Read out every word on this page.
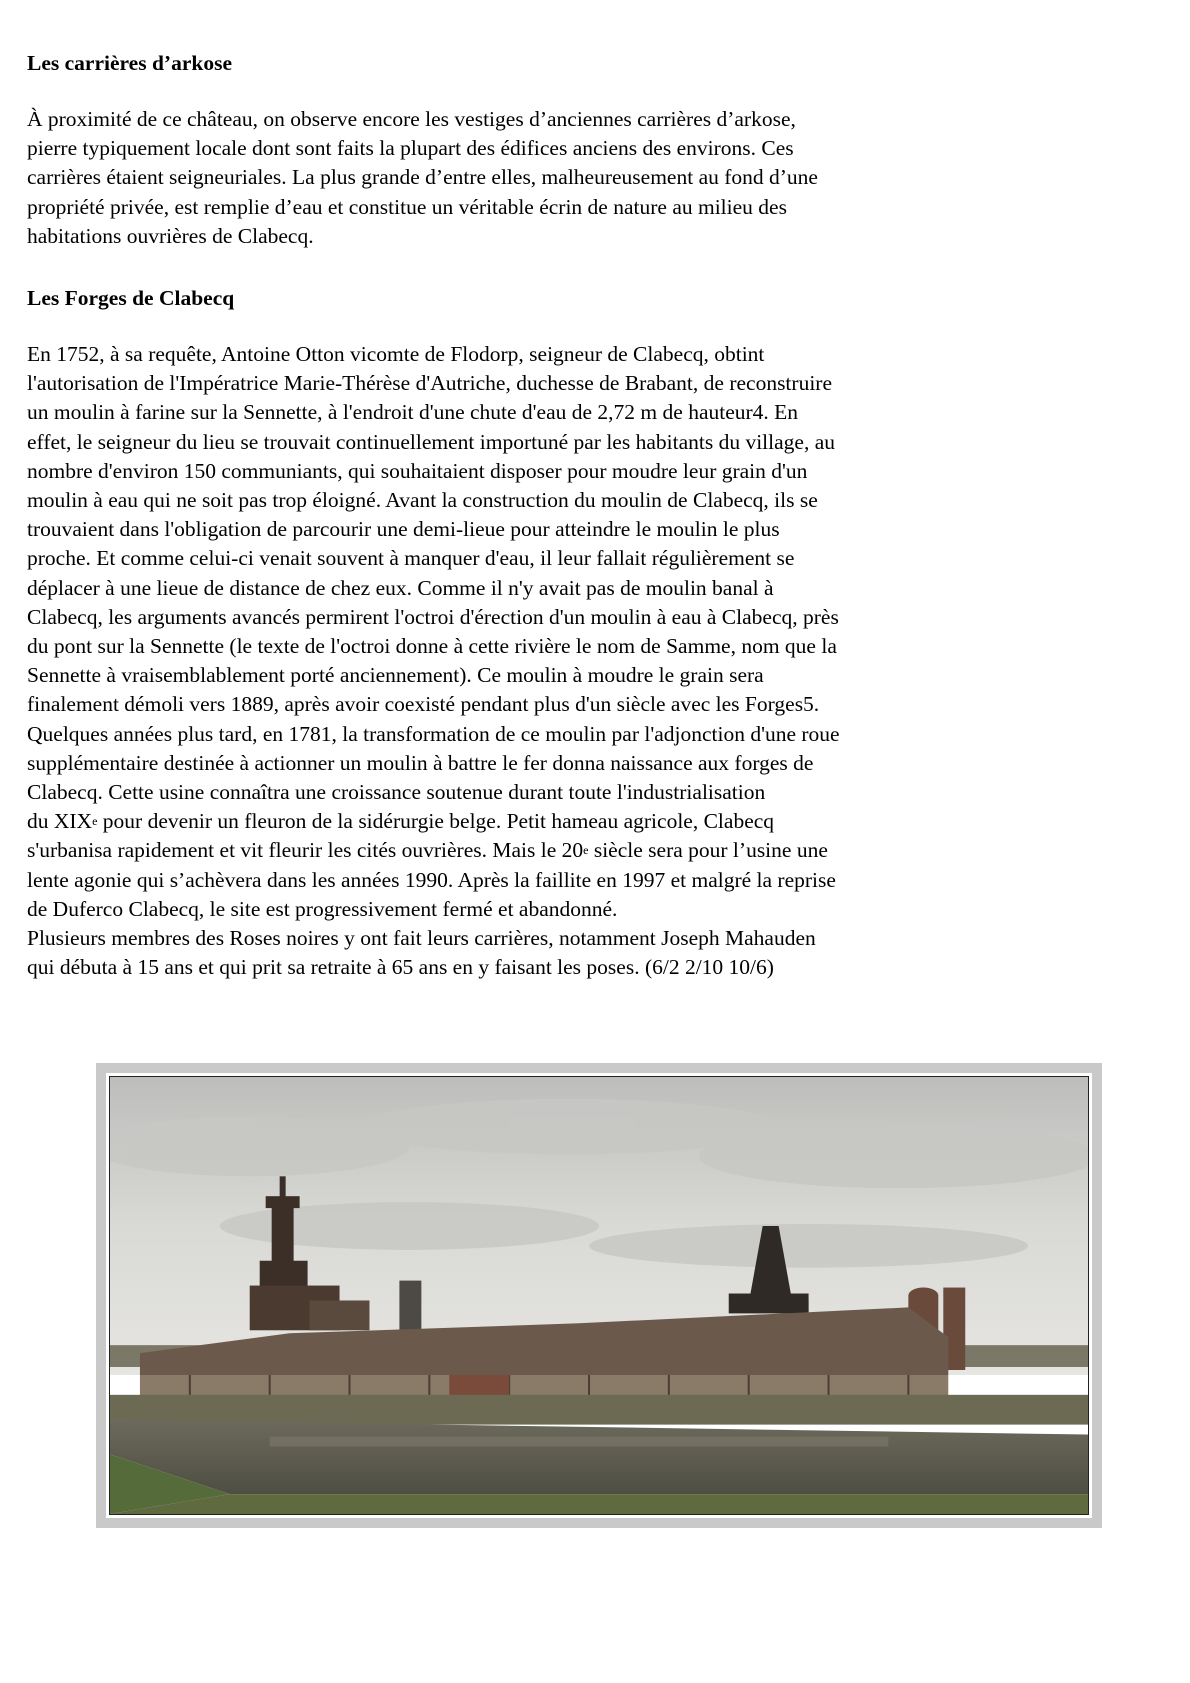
Les carrières d’arkose
À proximité de ce château, on observe encore les vestiges d’anciennes carrières d’arkose,
pierre typiquement locale dont sont faits la plupart des édifices anciens des environs. Ces
carrières étaient seigneuriales. La plus grande d’entre elles, malheureusement au fond d’une
propriété privée, est remplie d’eau et constitue un véritable écrin de nature au milieu des
habitations ouvrières de Clabecq.
Les Forges de Clabecq
En 1752, à sa requête, Antoine Otton vicomte de Flodorp, seigneur de Clabecq, obtint
l'autorisation de l'Impératrice Marie-Thérèse d'Autriche, duchesse de Brabant, de reconstruire
un moulin à farine sur la Sennette, à l'endroit d'une chute d'eau de 2,72 m de hauteur4. En
effet, le seigneur du lieu se trouvait continuellement importuné par les habitants du village, au
nombre d'environ 150 communiants, qui souhaitaient disposer pour moudre leur grain d'un
moulin à eau qui ne soit pas trop éloigné. Avant la construction du moulin de Clabecq, ils se
trouvaient dans l'obligation de parcourir une demi-lieue pour atteindre le moulin le plus
proche. Et comme celui-ci venait souvent à manquer d'eau, il leur fallait régulièrement se
déplacer à une lieue de distance de chez eux. Comme il n'y avait pas de moulin banal à
Clabecq, les arguments avancés permirent l'octroi d'érection d'un moulin à eau à Clabecq, près
du pont sur la Sennette (le texte de l'octroi donne à cette rivière le nom de Samme, nom que la
Sennette à vraisemblablement porté anciennement). Ce moulin à moudre le grain sera
finalement démoli vers 1889, après avoir coexisté pendant plus d'un siècle avec les Forges5.
Quelques années plus tard, en 1781, la transformation de ce moulin par l'adjonction d'une roue
supplémentaire destinée à actionner un moulin à battre le fer donna naissance aux forges de
Clabecq. Cette usine connaîtra une croissance soutenue durant toute l'industrialisation
du XIXe pour devenir un fleuron de la sidérurgie belge. Petit hameau agricole, Clabecq
s'urbanisa rapidement et vit fleurir les cités ouvrières. Mais le 20e siècle sera pour l’usine une
lente agonie qui s’achèvera dans les années 1990. Après la faillite en 1997 et malgré la reprise
de Duferco Clabecq, le site est progressivement fermé et abandonné.
Plusieurs membres des Roses noires y ont fait leurs carrières, notamment Joseph Mahauden
qui débuta à 15 ans et qui prit sa retraite à 65 ans en y faisant les poses. (6/2 2/10 10/6)
